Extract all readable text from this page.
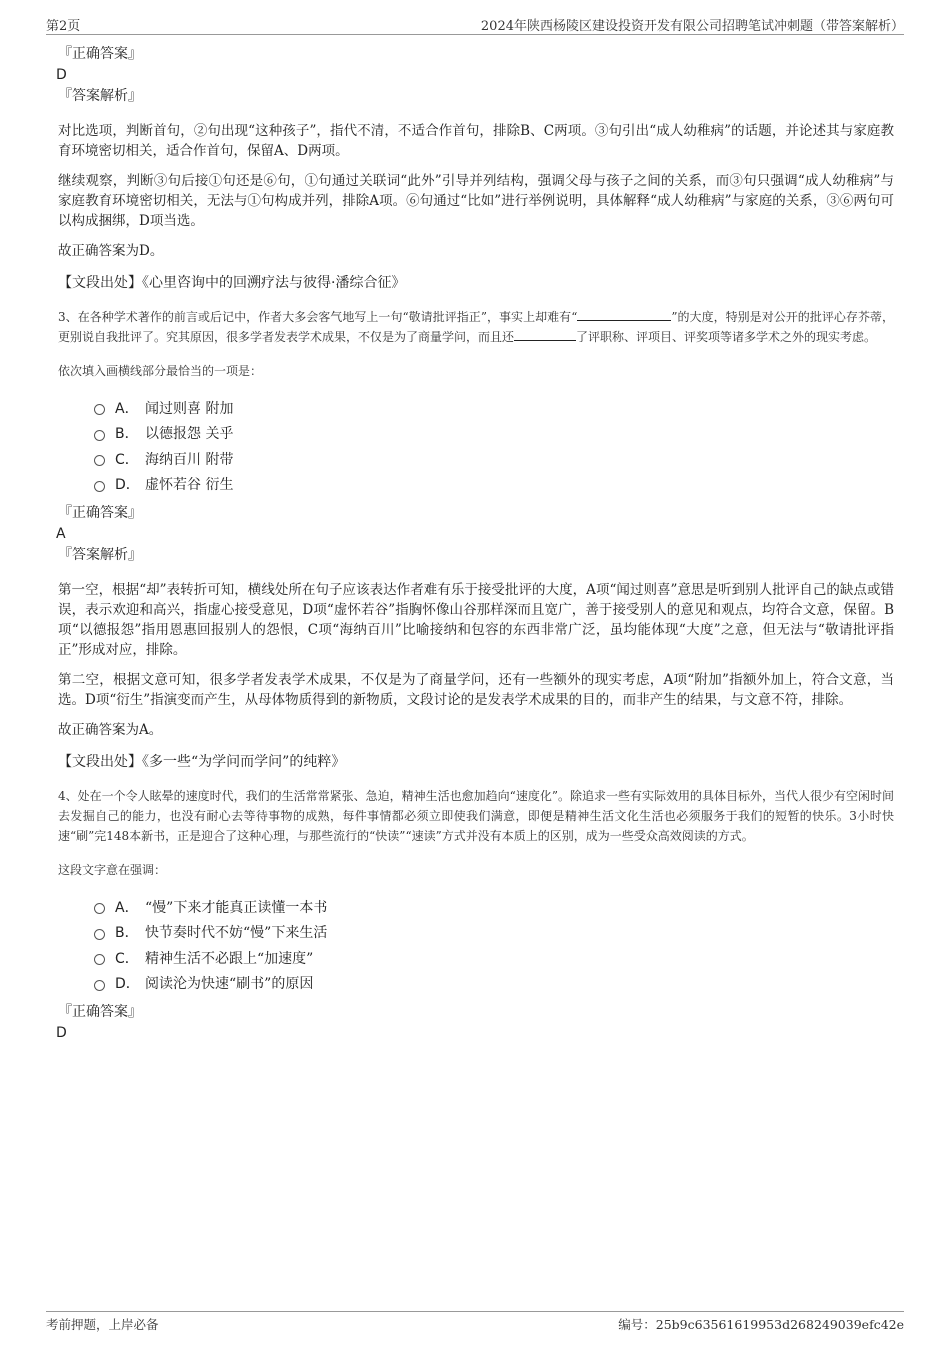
第2页	2024年陕西杨陵区建设投资开发有限公司招聘笔试冲刺题（带答案解析）
『正确答案』
D
『答案解析』
对比选项，判断首句，②句出现“这种孩子”，指代不清，不适合作首句，排除B、C两项。③句引出“成人幼稚病”的话题，并论述其与家庭教育环境密切相关，适合作首句，保留A、D两项。
继续观察，判断③句后接①句还是⑥句，①句通过关联词“此外”引导并列结构，强调父母与孩子之间的关系，而③句只强调“成人幼稚病”与家庭教育环境密切相关，无法与①句构成并列，排除A项。⑥句通过“比如”进行举例说明，具体解释“成人幼稚病”与家庭的关系，③⑥两句可以构成捆绑，D项当选。
故正确答案为D。
【文段出处】《心里咨询中的回溯疗法与彼得·潘综合征》
3、在各种学术著作的前言或后记中，作者大多会客气地写上一句“敬请批评指正”，事实上却难有“	”的大度，特别是对公开的批评心存芥蒂，更别说自我批评了。究其原因，很多学者发表学术成果，不仅是为了商量学问，而且还	了评职称、评项目、评奖项等诸多学术之外的现实考虑。
依次填入画横线部分最恰当的一项是：
A． 闻过则喜 附加
B． 以德报怨 关乎
C． 海纳百川 附带
D． 虚怀若谷 衍生
『正确答案』
A
『答案解析』
第一空，根据“却”表转折可知，横线处所在句子应该表达作者难有乐于接受批评的大度，A项“闻过则喜”意思是听到别人批评自己的缺点或错误，表示欢迎和高兴，指虚心接受意见，D项“虚怀若谷”指胸怀像山谷那样深而且宽广，善于接受别人的意见和观点，均符合文意，保留。B项“以德报怨”指用恩惠回报别人的怨恨，C项“海纳百川”比喻接纳和包容的东西非常广泛，虽均能体现“大度”之意，但无法与“敬请批评指正”形成对应，排除。
第二空，根据文意可知，很多学者发表学术成果，不仅是为了商量学问，还有一些额外的现实考虑，A项“附加”指额外加上，符合文意，当选。D项“衍生”指演变而产生，从母体物质得到的新物质，文段讨论的是发表学术成果的目的，而非产生的结果，与文意不符，排除。
故正确答案为A。
【文段出处】《多一些“为学问而学问”的纯粹》
4、处在一个令人眩晕的速度时代，我们的生活常常紧张、急迫，精神生活也愈加趋向“速度化”。除追求一些有实际效用的具体目标外，当代人很少有空闲时间去发掘自己的能力，也没有耐心去等待事物的成熟，每件事情都必须立即使我们满意，即便是精神生活文化生活也必须服务于我们的短暂的快乐。3小时快速“刷”完148本新书，正是迎合了这种心理，与那些流行的“快读”“速读”方式并没有本质上的区别，成为一些受众高效阅读的方式。
这段文字意在强调：
A． “慢”下来才能真正读懂一本书
B． 快节奏时代不妨“慢”下来生活
C． 精神生活不必跟上“加速度”
D． 阅读沦为快速“刷书”的原因
『正确答案』
D
考前押题，上岸必备	编号：25b9c63561619953d268249039efc42e
